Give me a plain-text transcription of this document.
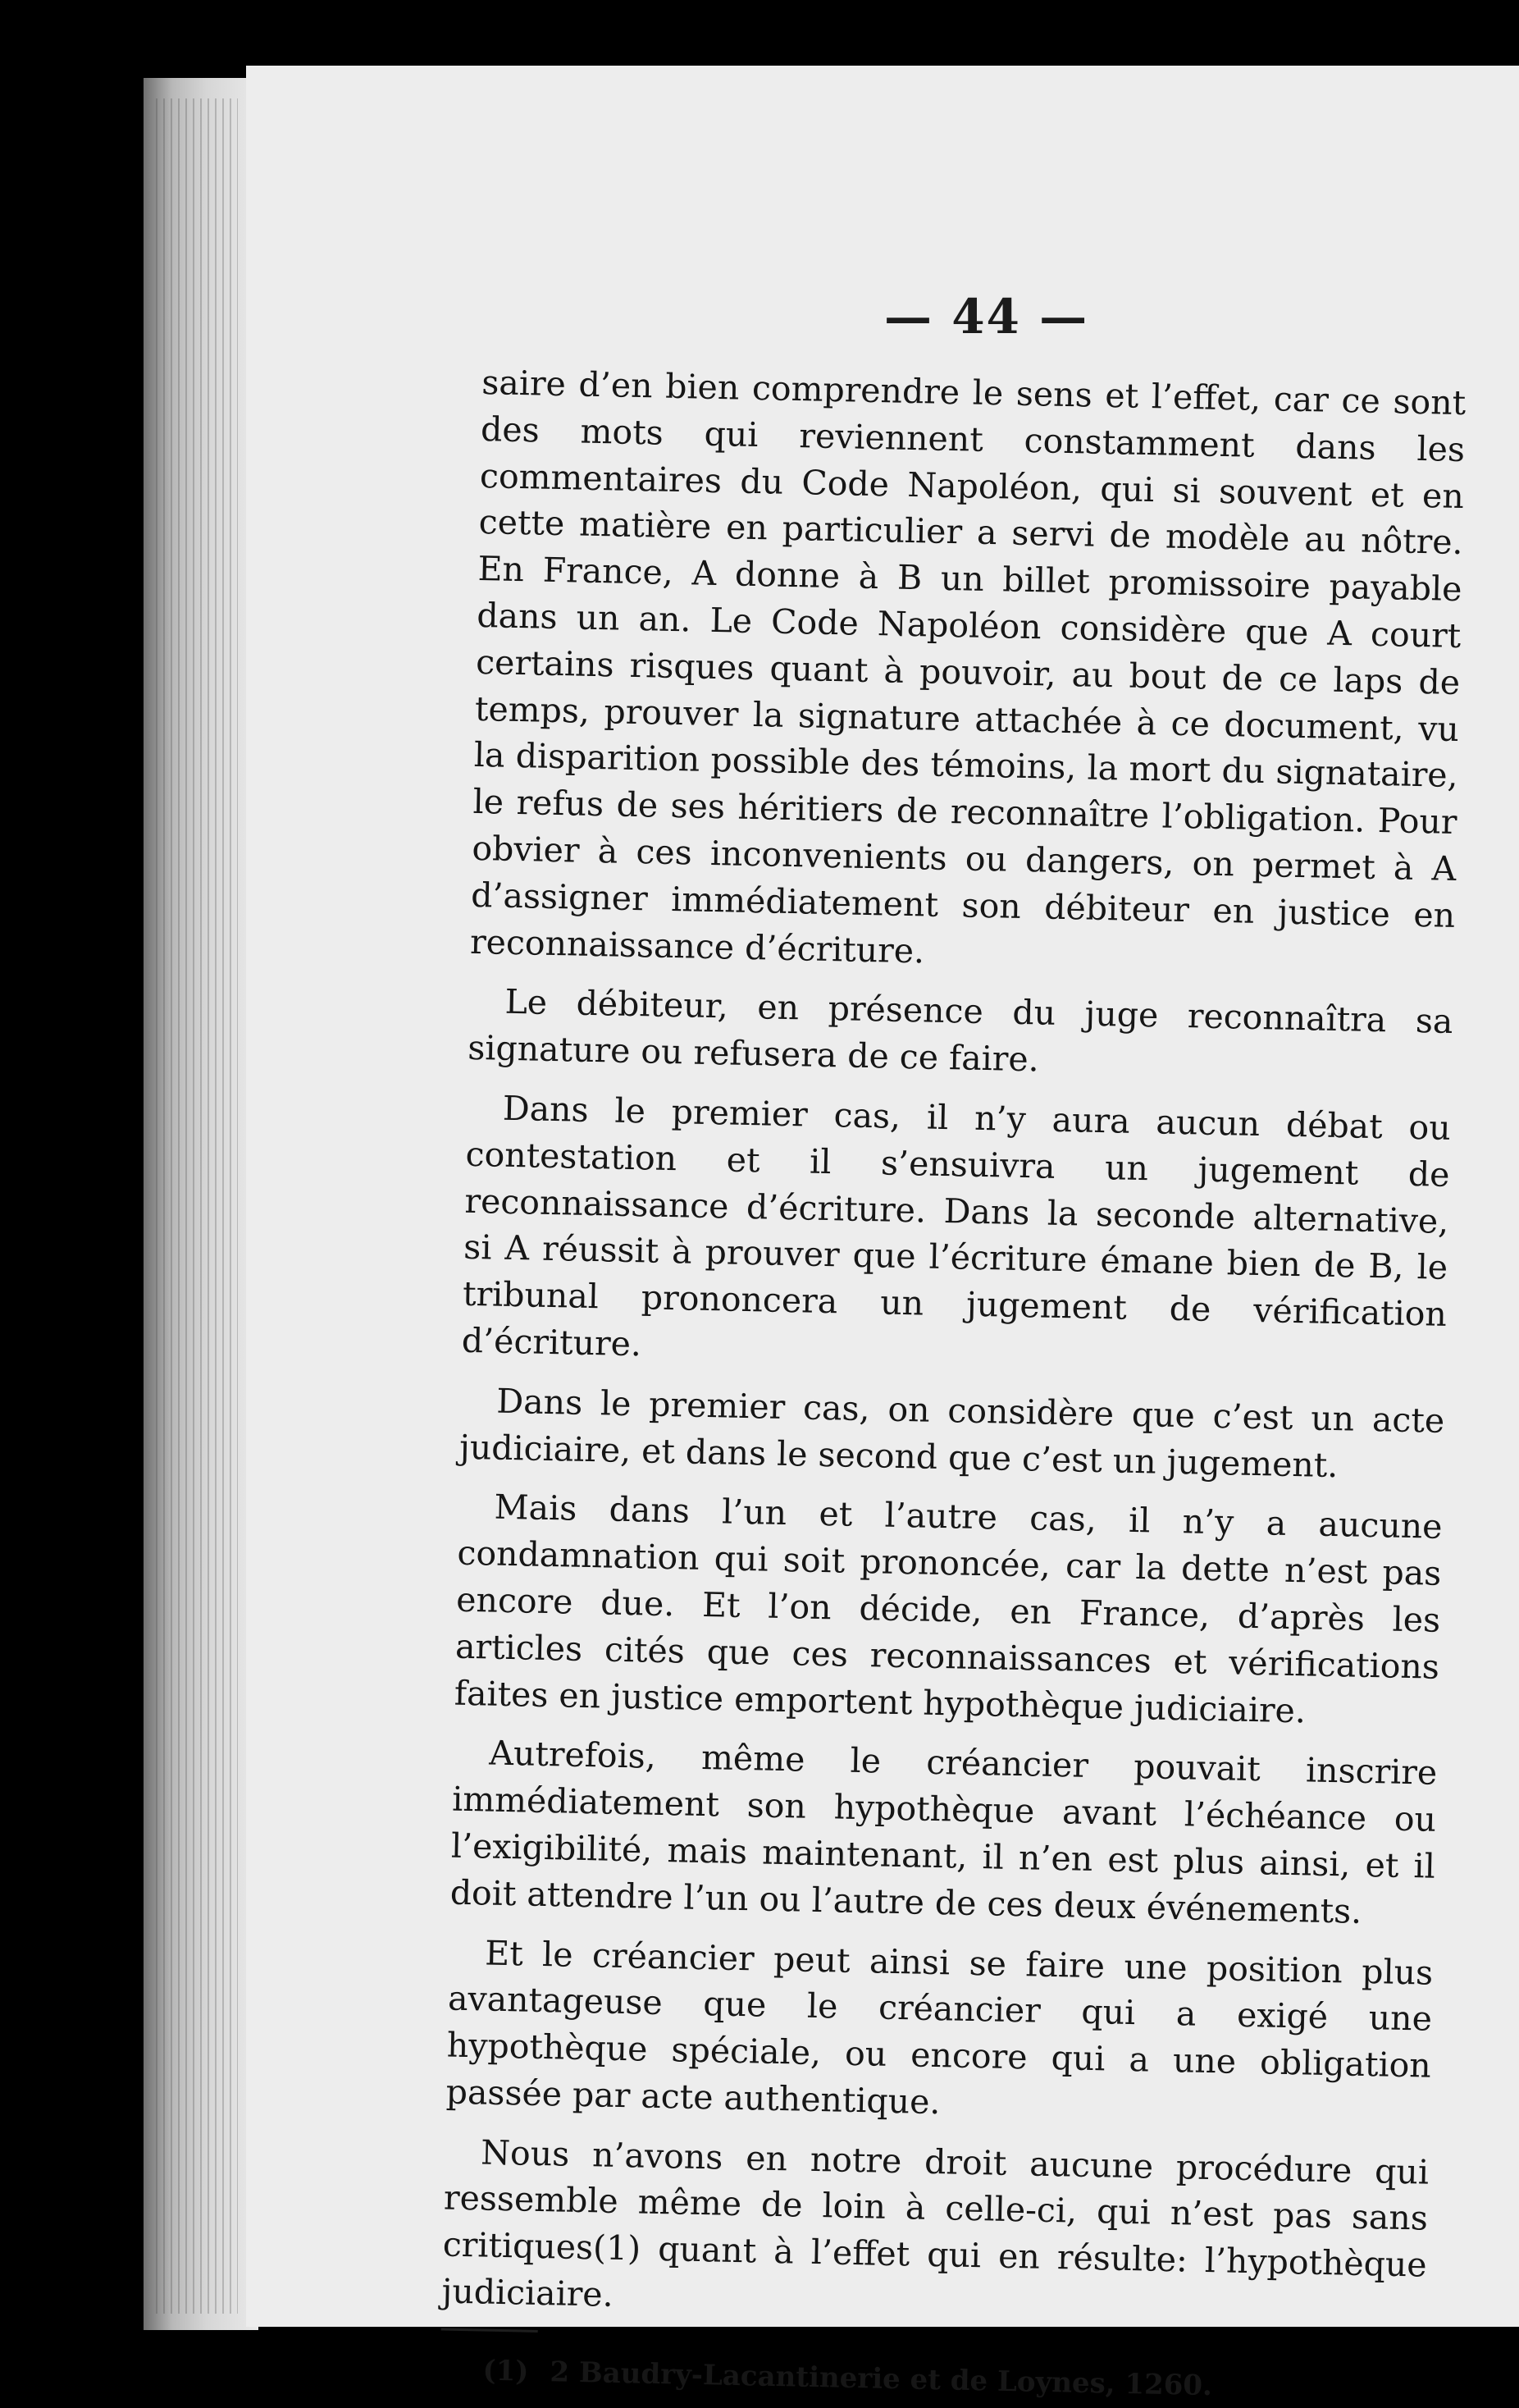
— 44 —

saire d’en bien comprendre le sens et l’effet, car ce sont des mots qui reviennent constamment dans les commentaires du Code Napoléon, qui si souvent et en cette matière en particulier a servi de modèle au nôtre. En France, A donne à B un billet promissoire payable dans un an. Le Code Napoléon considère que A court certains risques quant à pouvoir, au bout de ce laps de temps, prouver la signature attachée à ce document, vu la disparition possible des témoins, la mort du signataire, le refus de ses héritiers de reconnaître l’obligation. Pour obvier à ces inconvenients ou dangers, on permet à A d’assigner immédiatement son débiteur en justice en reconnaissance d’écriture.

Le débiteur, en présence du juge reconnaîtra sa signature ou refusera de ce faire.

Dans le premier cas, il n’y aura aucun débat ou contestation et il s’ensuivra un jugement de reconnaissance d’écriture. Dans la seconde alternative, si A réussit à prouver que l’écriture émane bien de B, le tribunal prononcera un jugement de vérification d’écriture.

Dans le premier cas, on considère que c’est un acte judiciaire, et dans le second que c’est un jugement.

Mais dans l’un et l’autre cas, il n’y a aucune condamnation qui soit prononcée, car la dette n’est pas encore due. Et l’on décide, en France, d’après les articles cités que ces reconnaissances et vérifications faites en justice emportent hypothèque judiciaire.

Autrefois, même le créancier pouvait inscrire immédiatement son hypothèque avant l’échéance ou l’exigibilité, mais maintenant, il n’en est plus ainsi, et il doit attendre l’un ou l’autre de ces deux événements.

Et le créancier peut ainsi se faire une position plus avantageuse que le créancier qui a exigé une hypothèque spéciale, ou encore qui a une obligation passée par acte authentique.

Nous n’avons en notre droit aucune procédure qui ressemble même de loin à celle-ci, qui n’est pas sans critiques(1) quant à l’effet qui en résulte: l’hypothèque judiciaire.

(1) 2 Baudry-Lacantinerie et de Loynes, 1260.
